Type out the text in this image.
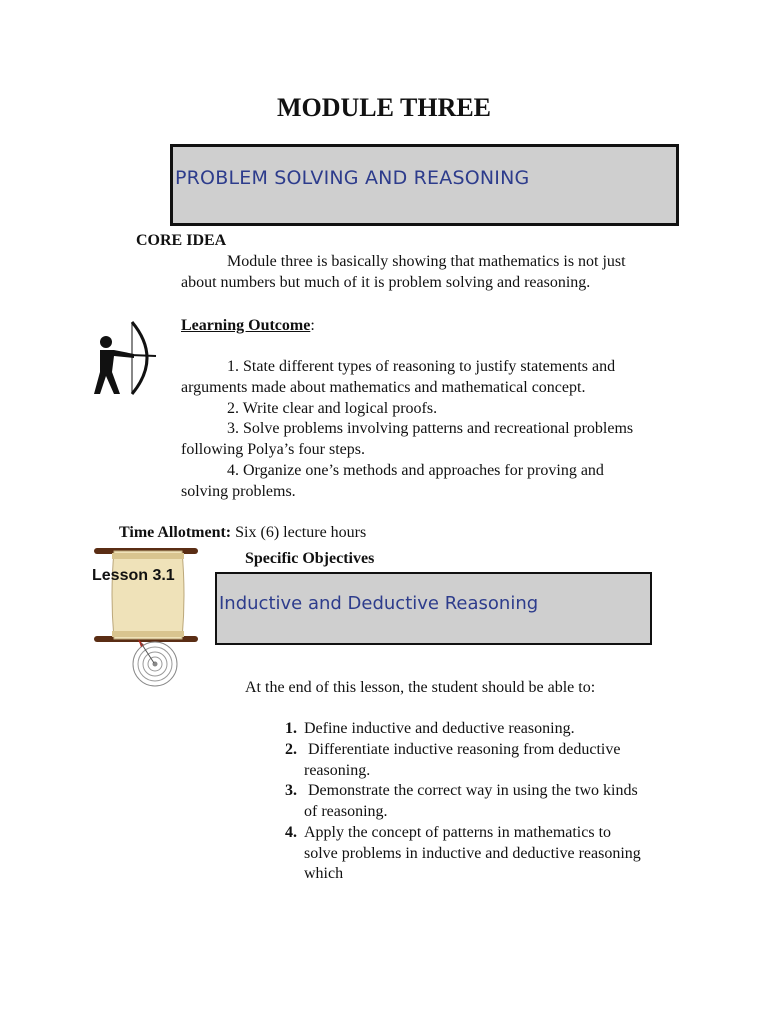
MODULE THREE
PROBLEM SOLVING AND REASONING
CORE IDEA
Module three is basically showing that mathematics is not just
about numbers but much of it is problem solving and reasoning.
Learning Outcome:
1. State different types of reasoning to justify statements and
arguments made about mathematics and mathematical concept.
2. Write clear and logical proofs.
3. Solve problems involving patterns and recreational problems
following Polya’s four steps.
4. Organize one’s methods and approaches for proving and
solving problems.
Time Allotment: Six (6) lecture hours
Specific Objectives
Lesson 3.1
Inductive and Deductive Reasoning
At the end of this lesson, the student should be able to:
1. Define inductive and deductive reasoning.
2. Differentiate inductive reasoning from deductive
reasoning.
3. Demonstrate the correct way in using the two kinds
of reasoning.
4. Apply the concept of patterns in mathematics to
solve problems in inductive and deductive reasoning
which
